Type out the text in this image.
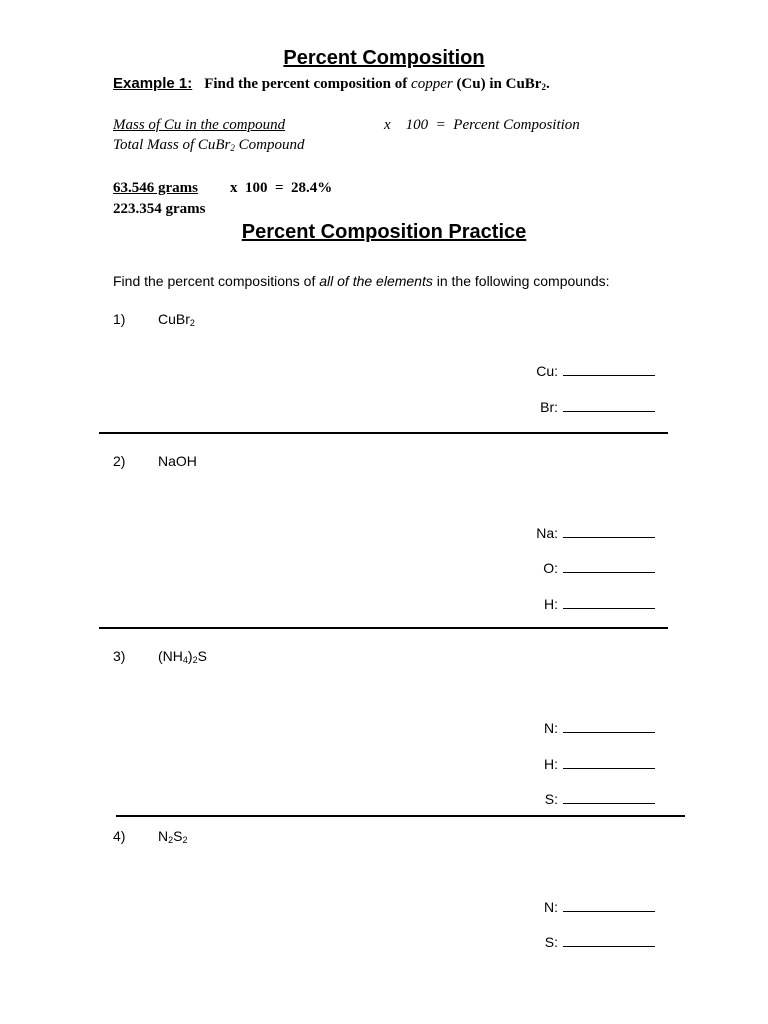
Percent Composition
Example 1: Find the percent composition of copper (Cu) in CuBr$_2$.
Mass of Cu in the compound
Total Mass of CuBr$_2$ Compound
x    100  =  Percent Composition
63.546 grams x  100  =  28.4%
223.354 grams
Percent Composition Practice
Find the percent compositions of all of the elements in the following compounds:
1) CuBr$_2$
Cu:
Br:
2) NaOH
Na:
O:
H:
3) $(NH_4)_2S$
N:
H:
S:
4) $N_2S_2$
N:
S:
